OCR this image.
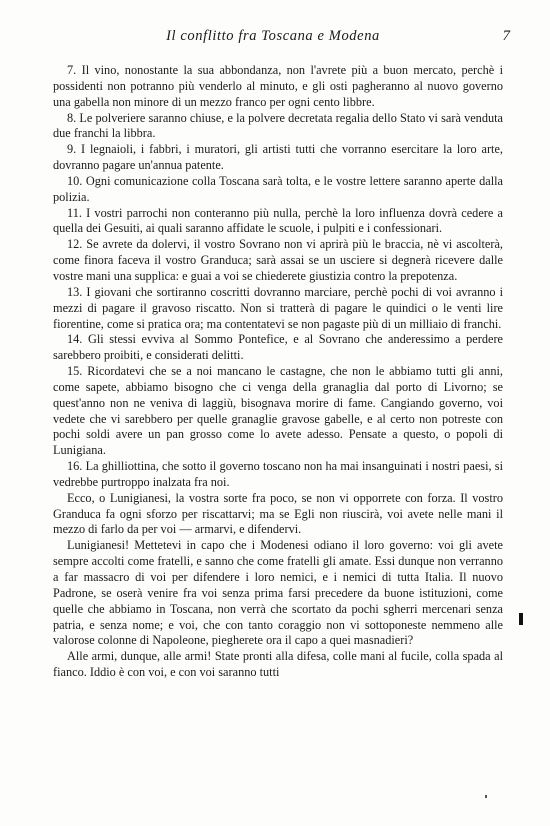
Il conflitto fra Toscana e Modena	7

7. Il vino, nonostante la sua abbondanza, non l'avrete più a buon mercato, perchè i possidenti non potranno più venderlo al minuto, e gli osti pagheranno al nuovo governo una gabella non minore di un mezzo franco per ogni cento libbre.

8. Le polveriere saranno chiuse, e la polvere decretata regalia dello Stato vi sarà venduta due franchi la libbra.

9. I legnaioli, i fabbri, i muratori, gli artisti tutti che vorranno esercitare la loro arte, dovranno pagare un'annua patente.

10. Ogni comunicazione colla Toscana sarà tolta, e le vostre lettere saranno aperte dalla polizia.

11. I vostri parrochi non conteranno più nulla, perchè la loro influenza dovrà cedere a quella dei Gesuiti, ai quali saranno affidate le scuole, i pulpiti e i confessionari.

12. Se avrete da dolervi, il vostro Sovrano non vi aprirà più le braccia, nè vi ascolterà, come finora faceva il vostro Granduca; sarà assai se un usciere si degnerà ricevere dalle vostre mani una supplica: e guai a voi se chiederete giustizia contro la prepotenza.

13. I giovani che sortiranno coscritti dovranno marciare, perchè pochi di voi avranno i mezzi di pagare il gravoso riscatto. Non si tratterà di pagare le quindici o le venti lire fiorentine, come si pratica ora; ma contentatevi se non pagaste più di un milliaio di franchi.

14. Gli stessi evviva al Sommo Pontefice, e al Sovrano che anderessimo a perdere sarebbero proibiti, e considerati delitti.

15. Ricordatevi che se a noi mancano le castagne, che non le abbiamo tutti gli anni, come sapete, abbiamo bisogno che ci venga della granaglia dal porto di Livorno; se quest'anno non ne veniva di laggiù, bisognava morire di fame. Cangiando governo, voi vedete che vi sarebbero per quelle granaglie gravose gabelle, e al certo non potreste con pochi soldi avere un pan grosso come lo avete adesso. Pensate a questo, o popoli di Lunigiana.

16. La ghilliottina, che sotto il governo toscano non ha mai insanguinati i nostri paesi, si vedrebbe purtroppo inalzata fra noi.

Ecco, o Lunigianesi, la vostra sorte fra poco, se non vi opporrete con forza. Il vostro Granduca fa ogni sforzo per riscattarvi; ma se Egli non riuscirà, voi avete nelle mani il mezzo di farlo da per voi — armarvi, e difendervi.

Lunigianesi! Mettetevi in capo che i Modenesi odiano il loro governo: voi gli avete sempre accolti come fratelli, e sanno che come fratelli gli amate. Essi dunque non verranno a far massacro di voi per difendere i loro nemici, e i nemici di tutta Italia. Il nuovo Padrone, se oserà venire fra voi senza prima farsi precedere da buone istituzioni, come quelle che abbiamo in Toscana, non verrà che scortato da pochi sgherri mercenari senza patria, e senza nome; e voi, che con tanto coraggio non vi sottoponeste nemmeno alle valorose colonne di Napoleone, piegherete ora il capo a quei masnadieri?

Alle armi, dunque, alle armi! State pronti alla difesa, colle mani al fucile, colla spada al fianco. Iddio è con voi, e con voi saranno tutti
